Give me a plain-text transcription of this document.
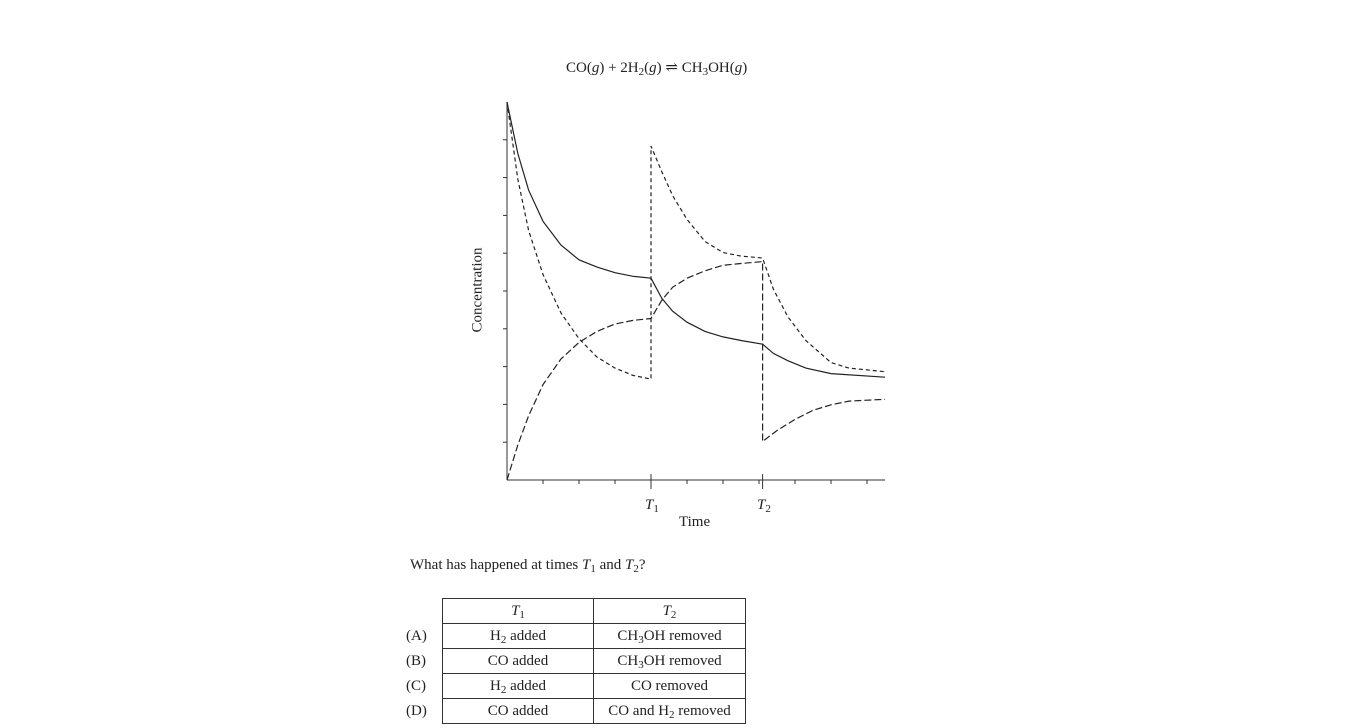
$CO(g) + 2H_2(g)$ ⇌ $CH_3OH(g)$
Concentration
$T_1$	$T_2$
Time
What has happened at times $T_1$ and $T_2$?
	$T_1$	$T_2$
(A)	$H_2$ added	$CH_3OH$ removed
(B)	CO added	$CH_3OH$ removed
(C)	$H_2$ added	CO removed
(D)	CO added	CO and $H_2$ removed
